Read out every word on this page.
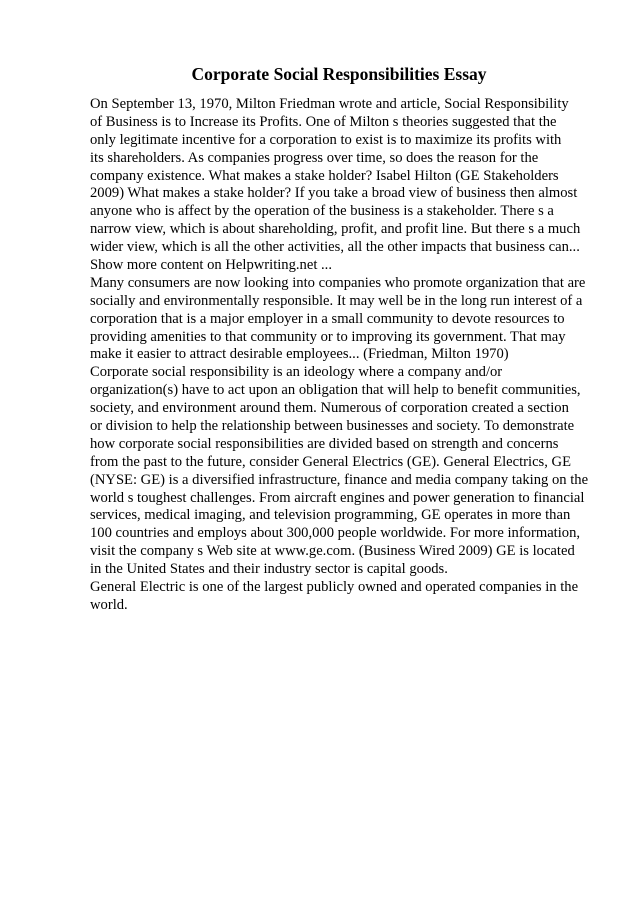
Corporate Social Responsibilities Essay
On September 13, 1970, Milton Friedman wrote and article, Social Responsibility
of Business is to Increase its Profits. One of Milton s theories suggested that the
only legitimate incentive for a corporation to exist is to maximize its profits with
its shareholders. As companies progress over time, so does the reason for the
company existence. What makes a stake holder? Isabel Hilton (GE Stakeholders
2009) What makes a stake holder? If you take a broad view of business then almost
anyone who is affect by the operation of the business is a stakeholder. There s a
narrow view, which is about shareholding, profit, and profit line. But there s a much
wider view, which is all the other activities, all the other impacts that business can...
Show more content on Helpwriting.net ...
Many consumers are now looking into companies who promote organization that are
socially and environmentally responsible. It may well be in the long run interest of a
corporation that is a major employer in a small community to devote resources to
providing amenities to that community or to improving its government. That may
make it easier to attract desirable employees... (Friedman, Milton 1970)
Corporate social responsibility is an ideology where a company and/or
organization(s) have to act upon an obligation that will help to benefit communities,
society, and environment around them. Numerous of corporation created a section
or division to help the relationship between businesses and society. To demonstrate
how corporate social responsibilities are divided based on strength and concerns
from the past to the future, consider General Electrics (GE). General Electrics, GE
(NYSE: GE) is a diversified infrastructure, finance and media company taking on the
world s toughest challenges. From aircraft engines and power generation to financial
services, medical imaging, and television programming, GE operates in more than
100 countries and employs about 300,000 people worldwide. For more information,
visit the company s Web site at www.ge.com. (Business Wired 2009) GE is located
in the United States and their industry sector is capital goods.
General Electric is one of the largest publicly owned and operated companies in the
world.
